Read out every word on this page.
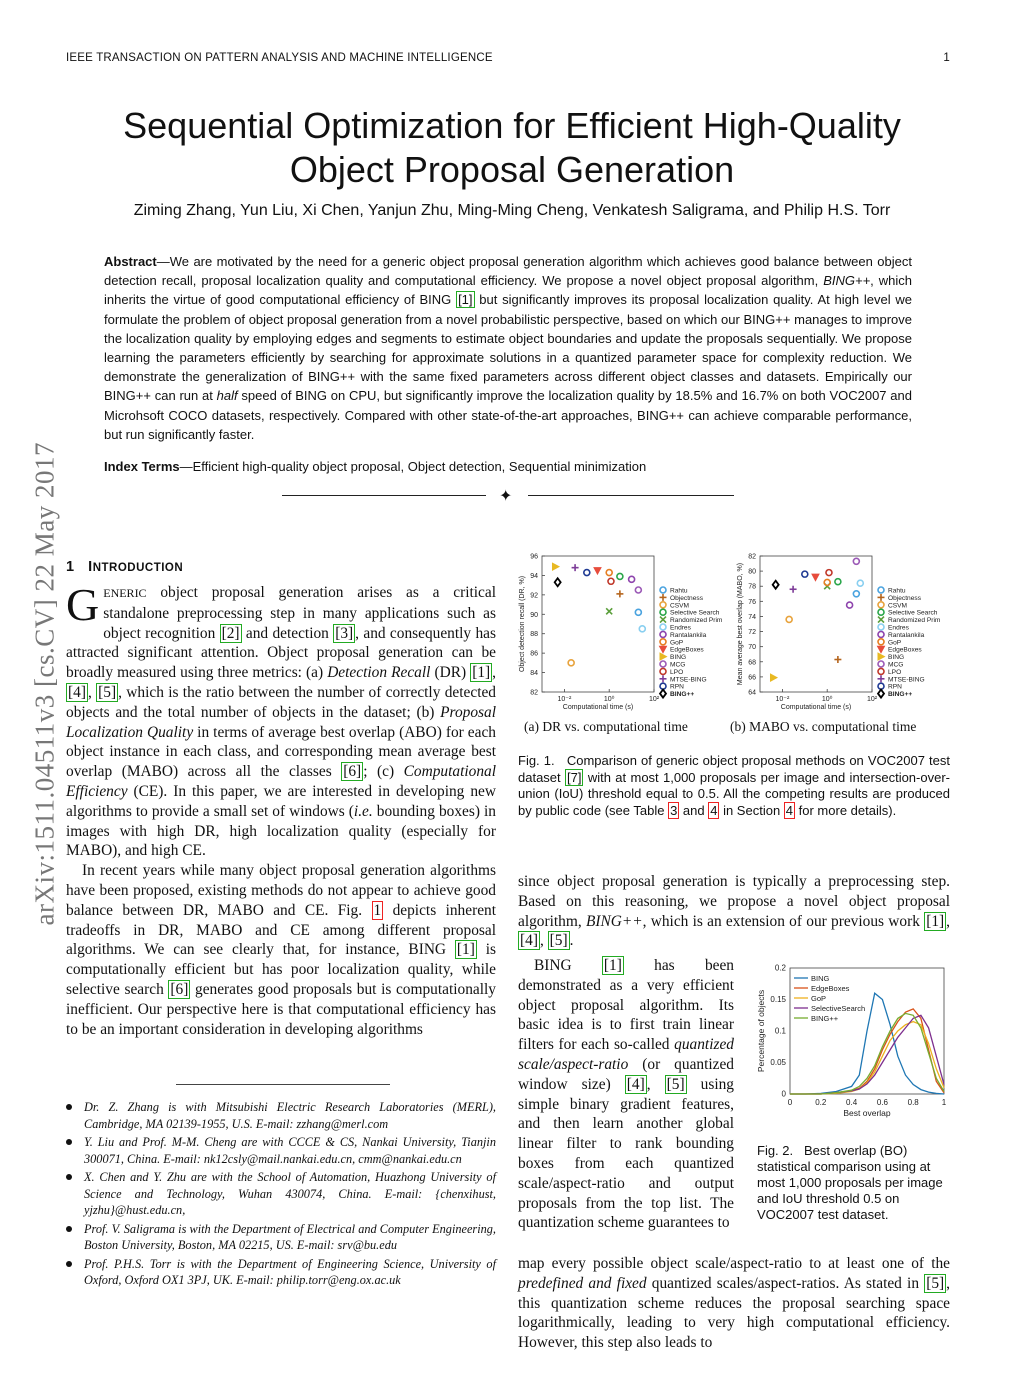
IEEE TRANSACTION ON PATTERN ANALYSIS AND MACHINE INTELLIGENCE	1
Sequential Optimization for Efficient High-Quality
Object Proposal Generation
Ziming Zhang, Yun Liu, Xi Chen, Yanjun Zhu, Ming-Ming Cheng, Venkatesh Saligrama, and Philip H.S. Torr
Abstract—We are motivated by the need for a generic object proposal generation algorithm which achieves good balance between object detection recall, proposal localization quality and computational efficiency. We propose a novel object proposal algorithm, BING++, which inherits the virtue of good computational efficiency of BING [1] but significantly improves its proposal localization quality. At high level we formulate the problem of object proposal generation from a novel probabilistic perspective, based on which our BING++ manages to improve the localization quality by employing edges and segments to estimate object boundaries and update the proposals sequentially. We propose learning the parameters efficiently by searching for approximate solutions in a quantized parameter space for complexity reduction. We demonstrate the generalization of BING++ with the same fixed parameters across different object classes and datasets. Empirically our BING++ can run at half speed of BING on CPU, but significantly improve the localization quality by 18.5% and 16.7% on both VOC2007 and Microhsoft COCO datasets, respectively. Compared with other state-of-the-art approaches, BING++ can achieve comparable performance, but run significantly faster.
Index Terms—Efficient high-quality object proposal, Object detection, Sequential minimization
✦
arXiv:1511.04511v3 [cs.CV] 22 May 2017 1 INTRODUCTION

GENERIC object proposal generation arises as a critical standalone preprocessing step in many applications such as object recognition [2] and detection [3] , and consequently has attracted significant attention. Object proposal generation can be broadly measured using three metrics: (a) Detection Recall (DR) [1] , [4] , [5] , which is the ratio between the number of correctly detected objects and the total number of objects in the dataset; (b) Proposal Localization Quality in terms of average best overlap (ABO) for each object instance in each class, and corresponding mean average best overlap (MABO) across all the classes [6] ; (c) Computational Efficiency (CE). In this paper, we are interested in developing new algorithms to provide a small set of windows (i.e. bounding boxes) in images with high DR, high localization quality (especially for MABO), and high CE.

In recent years while many object proposal generation algorithms have been proposed, existing methods do not appear to achieve good balance between DR, MABO and CE. Fig. 1 depicts inherent tradeoffs in DR, MABO and CE among different proposal algorithms. We can see clearly that, for instance, BING [1] is computationally efficient but has poor localization quality, while selective search [6] generates good proposals but is computationally inefficient. Our perspective here is that computational efficiency has to be an important consideration in developing algorithms

Dr. Z. Zhang is with Mitsubishi Electric Research Laboratories (MERL), Cambridge, MA 02139-1955, U.S. E-mail: zzhang@merl.com
Y. Liu and Prof. M-M. Cheng are with CCCE & CS, Nankai University, Tianjin 300071, China. E-mail: nk12csly@mail.nankai.edu.cn, cmm@nankai.edu.cn
X. Chen and Y. Zhu are with the School of Automation, Huazhong University of Science and Technology, Wuhan 430074, China. E-mail: {chenxihust, yjzhu}@hust.edu.cn,
Prof. V. Saligrama is with the Department of Electrical and Computer Engineering, Boston University, Boston, MA 02215, US. E-mail: srv@bu.edu
Prof. P.H.S. Torr is with the Department of Engineering Science, University of Oxford, Oxford OX1 3PJ, UK. E-mail: philip.torr@eng.ox.ac.uk
82
84
86
88
90
92
94
96
10⁻²	10⁰	10²
Computational time (s)
Object detection recall (DR, %)	Rahtu
Objectness
CSVM
Selective Search
Randomized Prim
Endres
Rantalankila
GoP
EdgeBoxes
BING
MCG
LPO
MTSE-BING
RPN
BING++	64
66
68
70
72
74
76
78
80
82
10⁻²	10⁰	10²
Computational time (s)
Mean average best overlap (MABO, %)	Rahtu
Objectness
CSVM
Selective Search
Randomized Prim
Endres
Rantalankila
GoP
EdgeBoxes
BING
MCG
LPO
MTSE-BING
RPN
BING++
(a) DR vs. computational time	(b) MABO vs. computational time
Fig. 1. Comparison of generic object proposal methods on VOC2007 test dataset [7] with at most 1,000 proposals per image and intersection-over-union (IoU) threshold equal to 0.5. All the competing results are produced by public code (see Table 3 and 4 in Section 4 for more details).

since object proposal generation is typically a preprocessing step. Based on this reasoning, we propose a novel object proposal algorithm, BING++, which is an extension of our previous work [1] , [4] , [5] .

BING [1] has been demonstrated as a very efficient object proposal algorithm. Its basic idea is to first train linear filters for each so-called quantized scale/aspect-ratio (or quantized window size) [4] , [5] using simple binary gradient features, and then learn another global linear filter to rank bounding boxes from each quantized scale/aspect-ratio and output proposals from the top list. The quantization scheme guarantees to

0
0.05
0.1
0.15
0.2
0	0.2 0.4 0.6 0.8	1
Best overlap
Percentage of objects
BING
EdgeBoxes
GoP
SelectiveSearch
BING++
Fig. 2. Best overlap (BO) statistical comparison using at most 1,000 proposals per image and IoU threshold 0.5 on VOC2007 test dataset.

map every possible object scale/aspect-ratio to at least one of the predefined and fixed quantized scales/aspect-ratios. As stated in [5] , this quantization scheme reduces the proposal searching space logarithmically, leading to very high computational efficiency. However, this step also leads to
